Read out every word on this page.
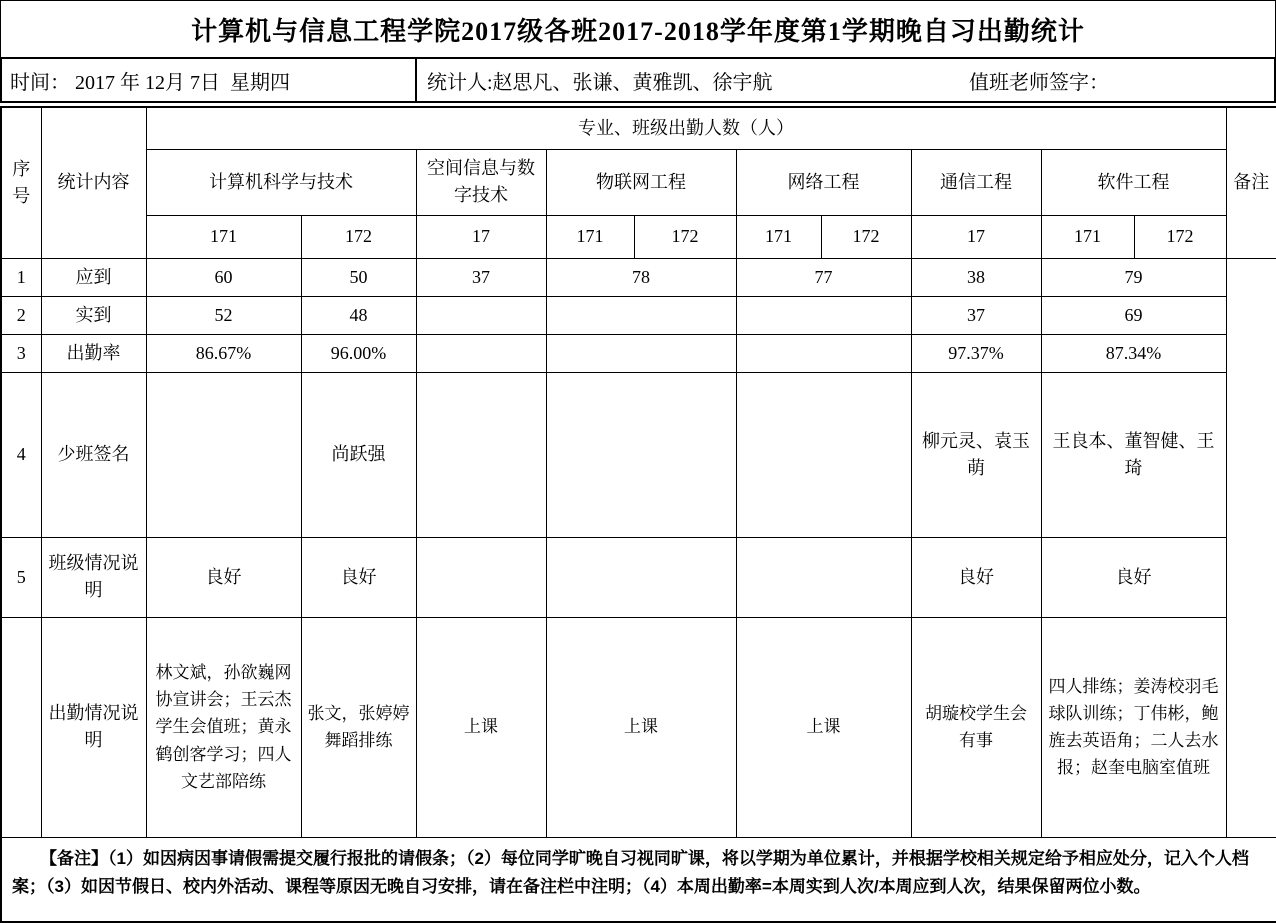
计算机与信息工程学院2017级各班2017-2018学年度第1学期晚自习出勤统计
时间： 2017 年 12月 7日  星期四	统计人:赵思凡、张谦、黄雅凯、徐宇航	值班老师签字：
序号	统计内容	专业、班级出勤人数（人）										备注
		计算机科学与技术		空间信息与数字技术	物联网工程		网络工程		通信工程	软件工程		
		171	172	17	171	172	171	172	17	171	172	
1	应到	60	50	37	78		77		38	79		
2	实到	52	48						37	69		
3	出勤率	86.67%	96.00%						97.37%	87.34%		
4	少班签名		尚跃强						柳元灵、袁玉萌	王良本、董智健、王琦		
5	班级情况说明	良好	良好						良好	良好		
	出勤情况说明	林文斌，孙欲巍网协宣讲会；王云杰学生会值班；黄永鹤创客学习；四人文艺部陪练	张文，张婷婷舞蹈排练	上课	上课		上课		胡璇校学生会有事	四人排练；姜涛校羽毛球队训练；丁伟彬，鲍旌去英语角；二人去水报；赵奎电脑室值班		
【备注】（1）如因病因事请假需提交履行报批的请假条；（2）每位同学旷晚自习视同旷课，将以学期为单位累计，并根据学校相关规定给予相应处分，记入个人档案；（3）如因节假日、校内外活动、课程等原因无晚自习安排，请在备注栏中注明；（4）本周出勤率=本周实到人次/本周应到人次，结果保留两位小数。												
